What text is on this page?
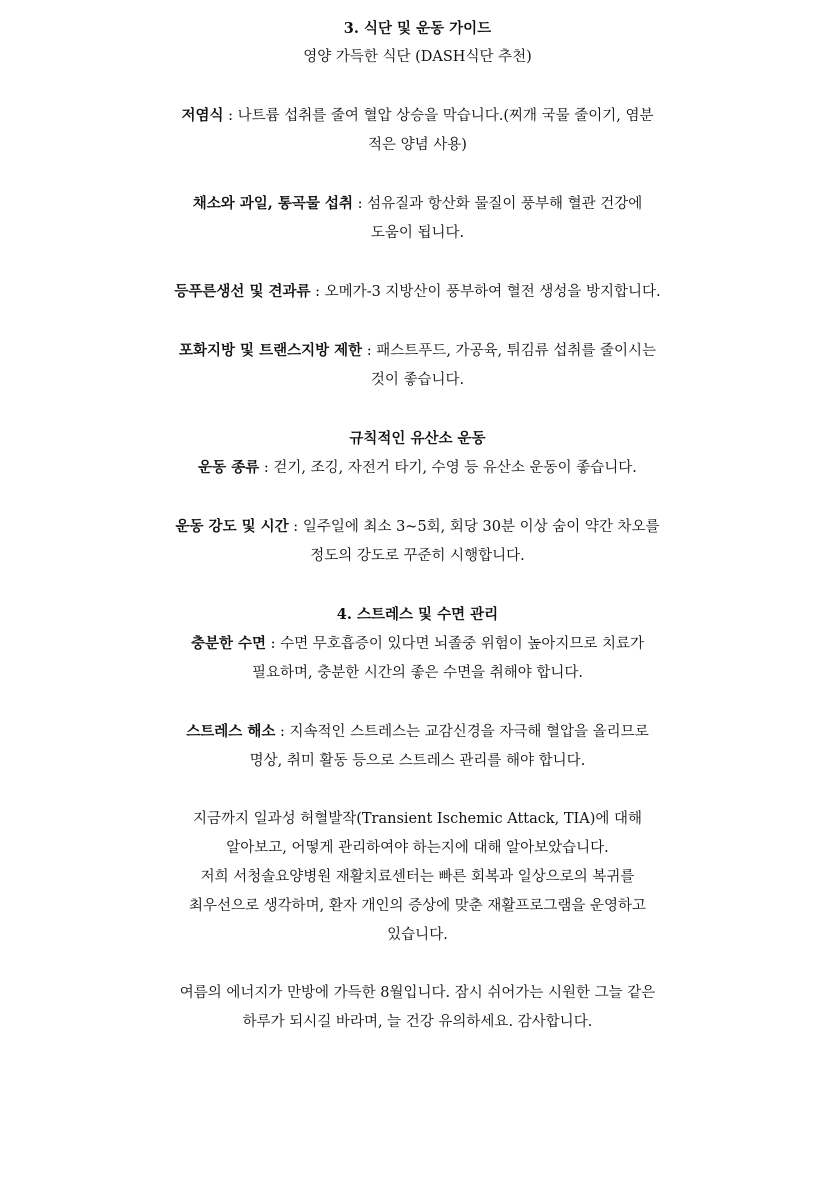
3. 식단 및 운동 가이드

영양 가득한 식단 (DASH식단 추천)

저염식 : 나트륨 섭취를 줄여 혈압 상승을 막습니다.(찌개 국물 줄이기, 염분
적은 양념 사용)

채소와 과일, 통곡물 섭취 : 섬유질과 항산화 물질이 풍부해 혈관 건강에
도움이 됩니다.

등푸른생선 및 견과류 : 오메가-3 지방산이 풍부하여 혈전 생성을 방지합니다.

포화지방 및 트랜스지방 제한 : 패스트푸드, 가공육, 튀김류 섭취를 줄이시는
것이 좋습니다.

규칙적인 유산소 운동

운동 종류 : 걷기, 조깅, 자전거 타기, 수영 등 유산소 운동이 좋습니다.

운동 강도 및 시간 : 일주일에 최소 3~5회, 회당 30분 이상 숨이 약간 차오를
정도의 강도로 꾸준히 시행합니다.

4. 스트레스 및 수면 관리

충분한 수면 : 수면 무호흡증이 있다면 뇌졸중 위험이 높아지므로 치료가
필요하며, 충분한 시간의 좋은 수면을 취해야 합니다.

스트레스 해소 : 지속적인 스트레스는 교감신경을 자극해 혈압을 올리므로
명상, 취미 활동 등으로 스트레스 관리를 해야 합니다.

지금까지 일과성 허혈발작(Transient Ischemic Attack, TIA)에 대해
알아보고, 어떻게 관리하여야 하는지에 대해 알아보았습니다.
저희 서청솔요양병원 재활치료센터는 빠른 회복과 일상으로의 복귀를
최우선으로 생각하며, 환자 개인의 증상에 맞춘 재활프로그램을 운영하고
있습니다.

여름의 에너지가 만방에 가득한 8월입니다. 잠시 쉬어가는 시원한 그늘 같은
하루가 되시길 바라며, 늘 건강 유의하세요. 감사합니다.
